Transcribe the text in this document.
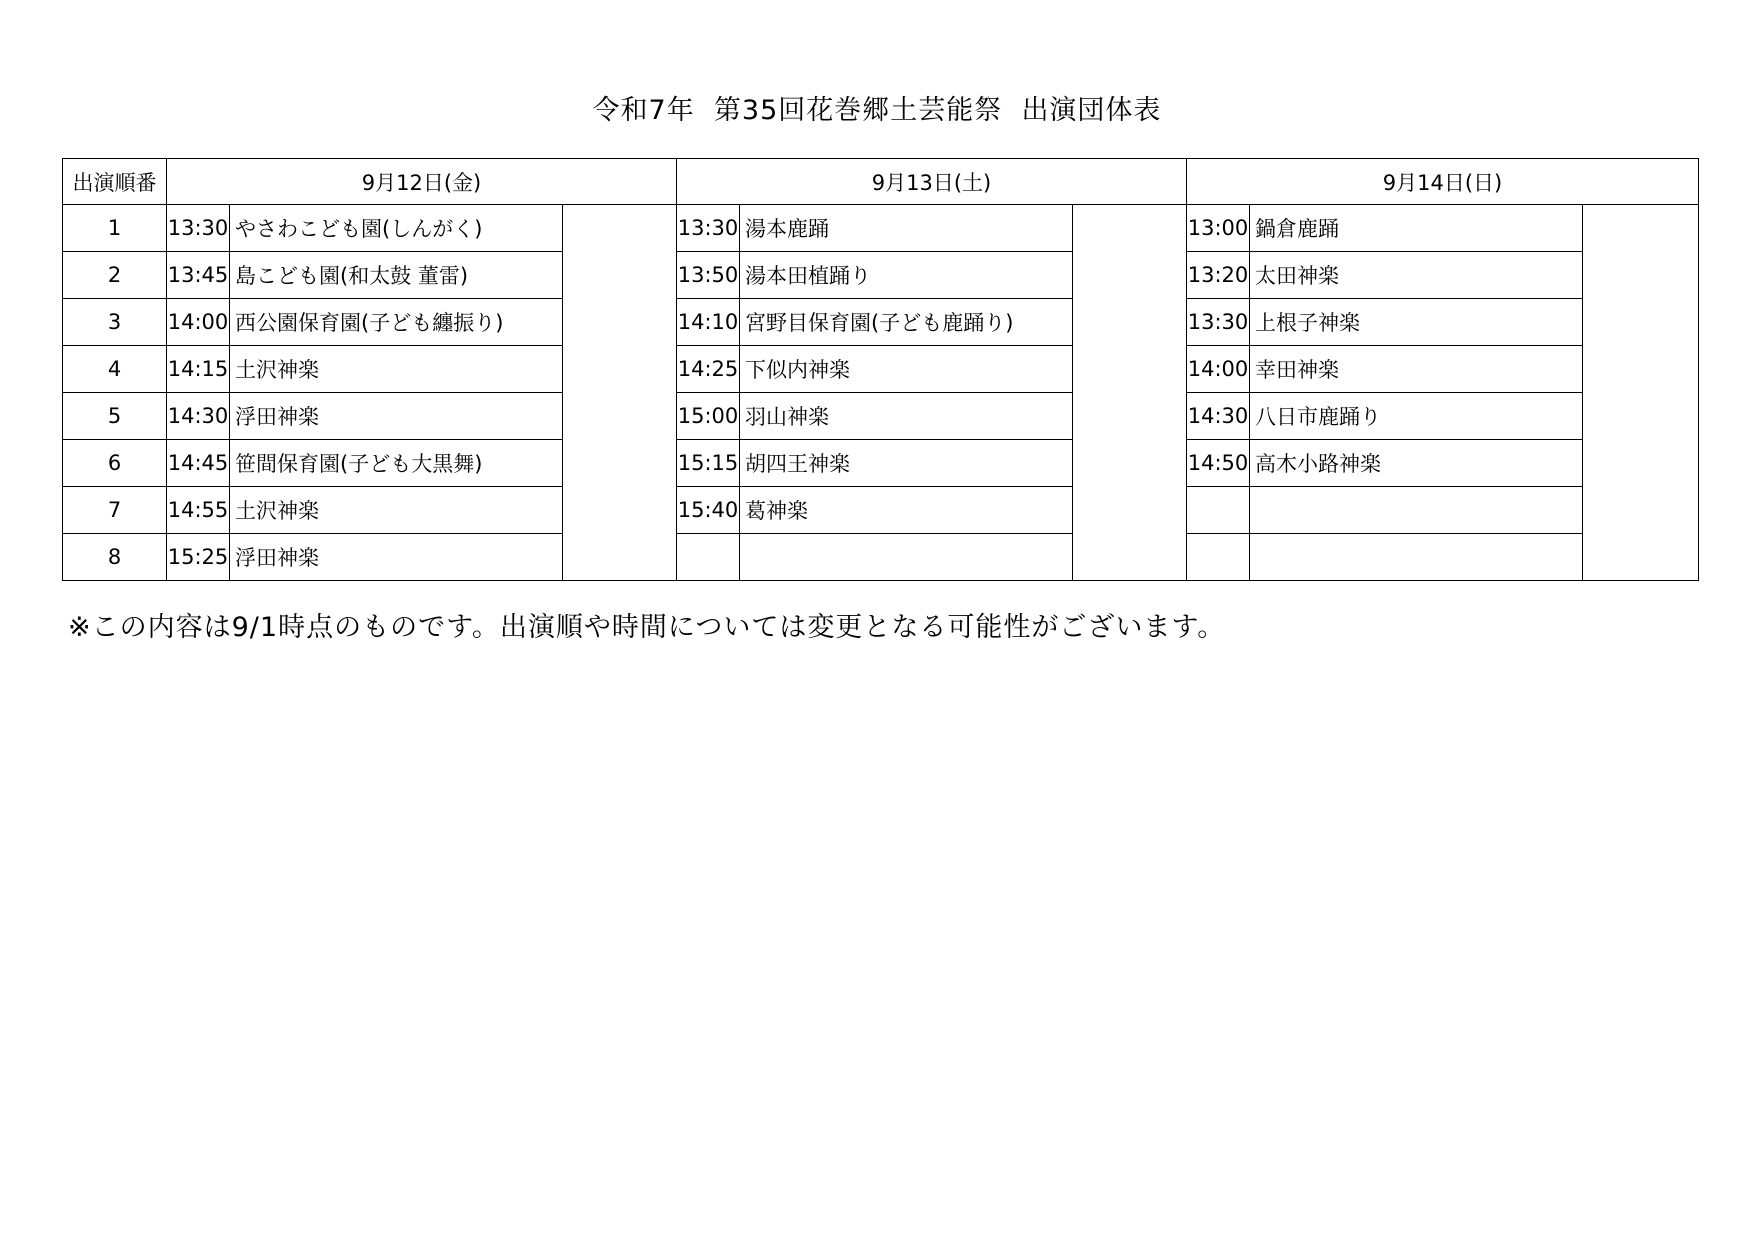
令和7年 第35回花巻郷土芸能祭 出演団体表
出演順番	9月12日(金)			9月13日(土)			9月14日(日)		
1	13:30	やさわこども園(しんがく)		13:30	湯本鹿踊		13:00	鍋倉鹿踊	
2	13:45	島こども園(和太鼓 董雷)		13:50	湯本田植踊り		13:20	太田神楽	
3	14:00	西公園保育園(子ども纏振り)		14:10	宮野目保育園(子ども鹿踊り)		13:30	上根子神楽	
4	14:15	土沢神楽		14:25	下似内神楽		14:00	幸田神楽	
5	14:30	浮田神楽		15:00	羽山神楽		14:30	八日市鹿踊り	
6	14:45	笹間保育園(子ども大黒舞)		15:15	胡四王神楽		14:50	高木小路神楽	
7	14:55	土沢神楽		15:40	葛神楽				
8	15:25	浮田神楽							
※この内容は9/1時点のものです。出演順や時間については変更となる可能性がございます。
